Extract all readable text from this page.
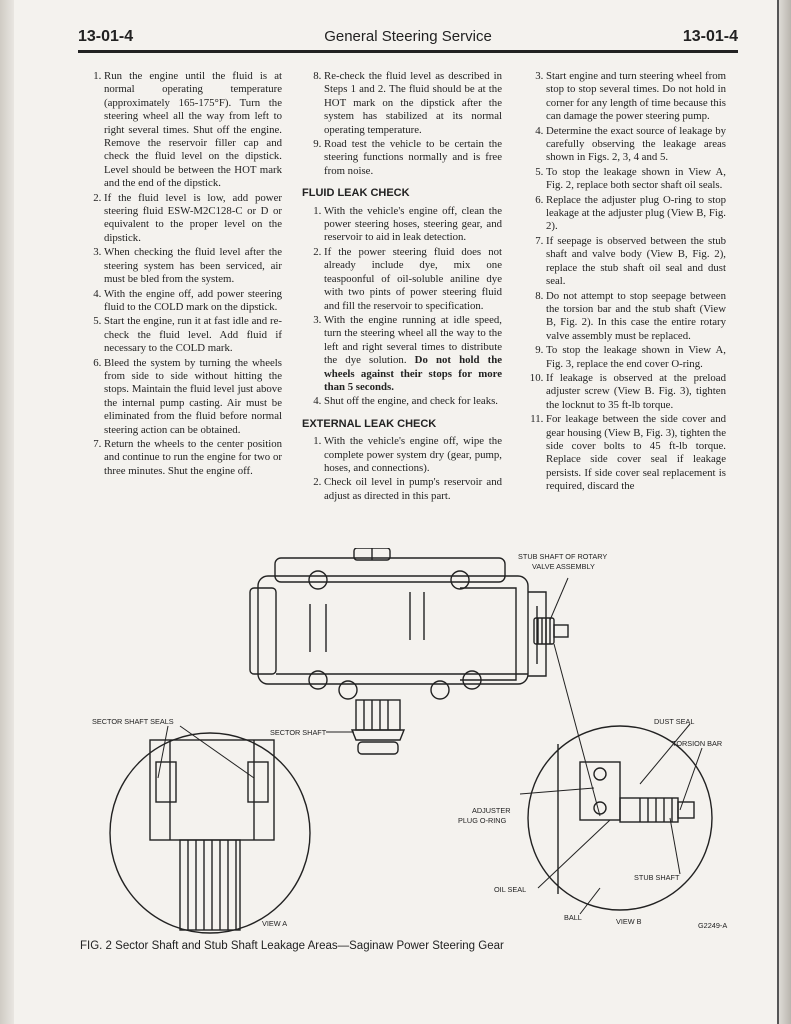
13-01-4	General Steering Service	13-01-4
1. Run the engine until the fluid is at normal operating temperature (approximately 165-175°F). Turn the steering wheel all the way from left to right several times. Shut off the engine. Remove the reservoir filler cap and check the fluid level on the dipstick. Level should be between the HOT mark and the end of the dipstick.
2. If the fluid level is low, add power steering fluid ESW-M2C128-C or D or equivalent to the proper level on the dipstick.
3. When checking the fluid level after the steering system has been serviced, air must be bled from the system.
4. With the engine off, add power steering fluid to the COLD mark on the dipstick.
5. Start the engine, run it at fast idle and re-check the fluid level. Add fluid if necessary to the COLD mark.
6. Bleed the system by turning the wheels from side to side without hitting the stops. Maintain the fluid level just above the internal pump casting. Air must be eliminated from the fluid before normal steering action can be obtained.
7. Return the wheels to the center position and continue to run the engine for two or three minutes. Shut the engine off.
8. Re-check the fluid level as described in Steps 1 and 2. The fluid should be at the HOT mark on the dipstick after the system has stabilized at its normal operating temperature.
9. Road test the vehicle to be certain the steering functions normally and is free from noise.
FLUID LEAK CHECK
1. With the vehicle's engine off, clean the power steering hoses, steering gear, and reservoir to aid in leak detection.
2. If the power steering fluid does not already include dye, mix one teaspoonful of oil-soluble aniline dye with two pints of power steering fluid and fill the reservoir to specification.
3. With the engine running at idle speed, turn the steering wheel all the way to the left and right several times to distribute the dye solution. Do not hold the wheels against their stops for more than 5 seconds.
4. Shut off the engine, and check for leaks.
EXTERNAL LEAK CHECK
1. With the vehicle's engine off, wipe the complete power system dry (gear, pump, hoses, and connections).
2. Check oil level in pump's reservoir and adjust as directed in this part.
3. Start engine and turn steering wheel from stop to stop several times. Do not hold in corner for any length of time because this can damage the power steering pump.
4. Determine the exact source of leakage by carefully observing the leakage areas shown in Figs. 2, 3, 4 and 5.
5. To stop the leakage shown in View A, Fig. 2, replace both sector shaft oil seals.
6. Replace the adjuster plug O-ring to stop leakage at the adjuster plug (View B, Fig. 2).
7. If seepage is observed between the stub shaft and valve body (View B, Fig. 2), replace the stub shaft oil seal and dust seal.
8. Do not attempt to stop seepage between the torsion bar and the stub shaft (View B, Fig. 2). In this case the entire rotary valve assembly must be replaced.
9. To stop the leakage shown in View A, Fig. 3, replace the end cover O-ring.
10. If leakage is observed at the preload adjuster screw (View B. Fig. 3), tighten the locknut to 35 ft-lb torque.
11. For leakage between the side cover and gear housing (View B, Fig. 3), tighten the side cover bolts to 45 ft-lb torque. Replace side cover seal if leakage persists. If side cover seal replacement is required, discard the
STUB SHAFT OF ROTARY
VALVE ASSEMBLY
SECTOR SHAFT SEALS
SECTOR SHAFT
DUST SEAL
TORSION BAR
ADJUSTER
PLUG O-RING
STUB SHAFT
OIL SEAL
BALL
VIEW A	VIEW B	G2249-A
FIG. 2 Sector Shaft and Stub Shaft Leakage Areas—Saginaw Power Steering Gear
